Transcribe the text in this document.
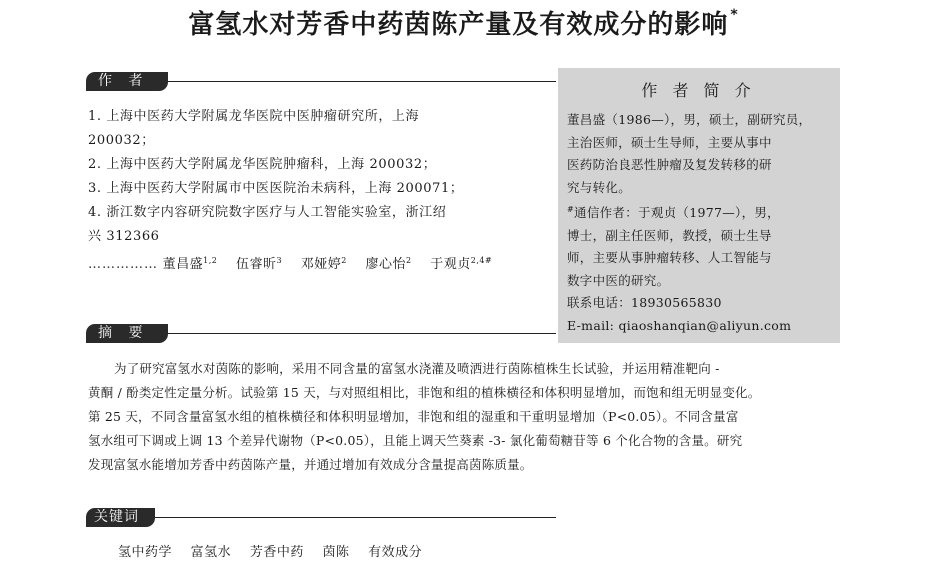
富氢水对芳香中药茵陈产量及有效成分的影响 *
作 者
1. 上海中医药大学附属龙华医院中医肿瘤研究所，上海
200032；
2. 上海中医药大学附属龙华医院肿瘤科，上海 200032；
3. 上海中医药大学附属市中医医院治未病科，上海 200071；
4. 浙江数字内容研究院数字医疗与人工智能实验室，浙江绍
兴 312366
…………… 董昌盛$^{1,2}$ 伍睿昕$^3$ 邓娅婷$^2$ 廖心怡$^2$ 于观贞$^{2,4\#}$
作 者 简 介
董昌盛（1986—），男，硕士，副研究员，
主治医师，硕士生导师，主要从事中
医药防治良恶性肿瘤及复发转移的研
究与转化。
#通信作者：于观贞（1977—），男，
博士，副主任医师，教授，硕士生导
师，主要从事肿瘤转移、人工智能与
数字中医的研究。
联系电话：18930565830
E-mail: qiaoshanqian@aliyun.com
摘 要
为了研究富氢水对茵陈的影响，采用不同含量的富氢水浇灌及喷洒进行茵陈植株生长试验，并运用精准靶向 -
黄酮 / 酚类定性定量分析。试验第 15 天，与对照组相比，非饱和组的植株横径和体积明显增加，而饱和组无明显变化。
第 25 天，不同含量富氢水组的植株横径和体积明显增加，非饱和组的湿重和干重明显增加（P<0.05）。不同含量富
氢水组可下调或上调 13 个差异代谢物（P<0.05），且能上调天竺葵素 -3- 氯化葡萄糖苷等 6 个化合物的含量。研究
发现富氢水能增加芳香中药茵陈产量，并通过增加有效成分含量提高茵陈质量。
关键词
氢中药学 富氢水 芳香中药 茵陈 有效成分
